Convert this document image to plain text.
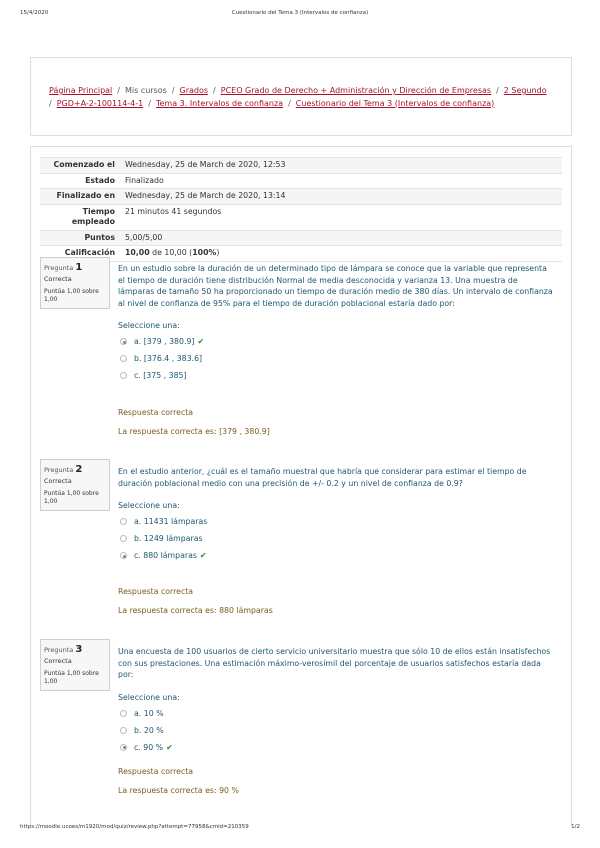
15/4/2020	Cuestionario del Tema 3 (Intervalos de confianza)
Página Principal / Mis cursos / Grados / PCEO Grado de Derecho + Administración y Dirección de Empresas / 2 Segundo
/ PGD+A-2-100114-4-1 / Tema 3. Intervalos de confianza / Cuestionario del Tema 3 (Intervalos de confianza)
Comenzado el	Wednesday, 25 de March de 2020, 12:53
Estado	Finalizado
Finalizado en	Wednesday, 25 de March de 2020, 13:14
Tiempo empleado	21 minutos 41 segundos
Puntos	5,00/5,00
Calificación	10,00 de 10,00 (100%)
Pregunta 1
Correcta
Puntúa 1,00 sobre 1,00
En un estudio sobre la duración de un determinado tipo de lámpara se conoce que la variable que representa el tiempo de duración tiene distribución Normal de media desconocida y varianza 13. Una muestra de lámparas de tamaño 50 ha proporcionado un tiempo de duración medio de 380 días. Un intervalo de confianza al nivel de confianza de 95% para el tiempo de duración poblacional estaría dado por:
Seleccione una:
a. [379 , 380.9] ✔
b. [376.4 , 383.6]
c. [375 , 385]
Respuesta correcta
La respuesta correcta es: [379 , 380.9]
Pregunta 2
Correcta
Puntúa 1,00 sobre 1,00
En el estudio anterior, ¿cuál es el tamaño muestral que habría que considerar para estimar el tiempo de duración poblacional medio con una precisión de +/- 0.2 y un nivel de confianza de 0.9?
Seleccione una:
a. 11431 lámparas
b. 1249 lámparas
c. 880 lámparas ✔
Respuesta correcta
La respuesta correcta es: 880 lámparas
Pregunta 3
Correcta
Puntúa 1,00 sobre 1,00
Una encuesta de 100 usuarios de cierto servicio universitario muestra que sólo 10 de ellos están insatisfechos con sus prestaciones. Una estimación máximo-verosímil del porcentaje de usuarios satisfechos estaría dada por:
Seleccione una:
a. 10 %
b. 20 %
c. 90 % ✔
Respuesta correcta
La respuesta correcta es: 90 %
https://moodle.ucoes/m1920/mod/quiz/review.php?attempt=77958&cmid=210359	1/2
